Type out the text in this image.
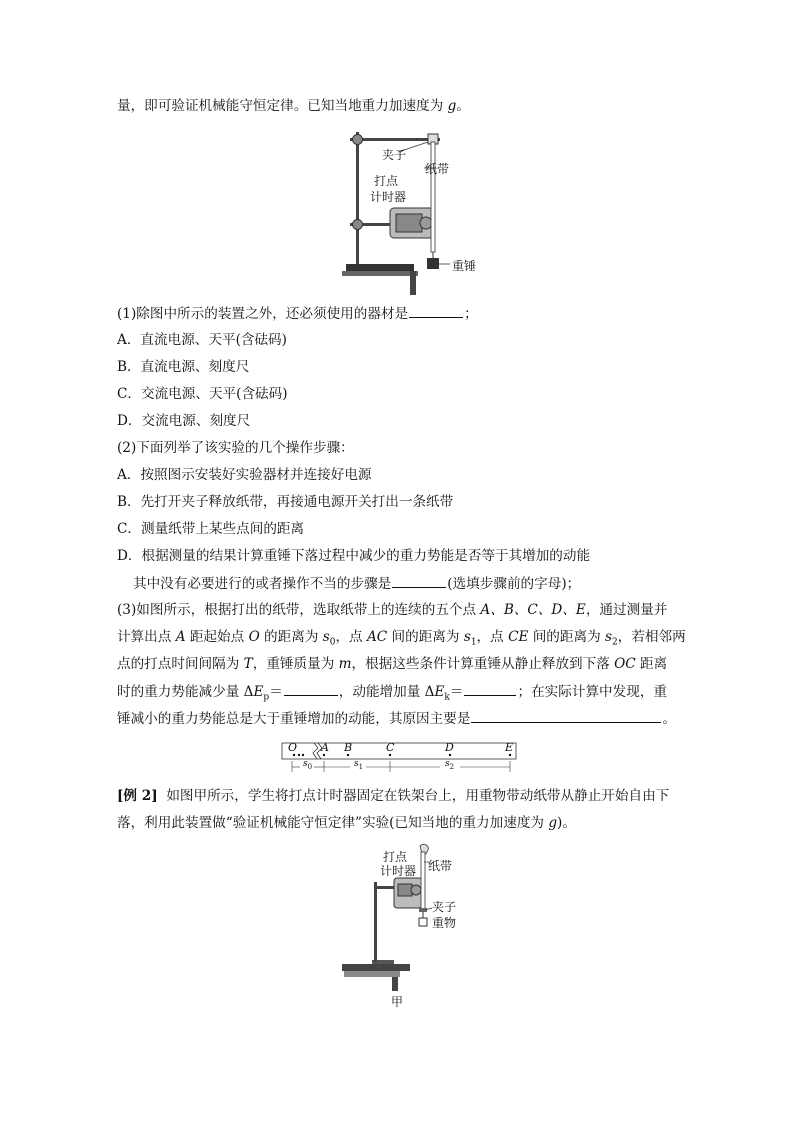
量，即可验证机械能守恒定律。已知当地重力加速度为 g。
夹子
纸带
打点
计时器
重锤
(1)除图中所示的装置之外，还必须使用的器材是	；
A．直流电源、天平(含砝码)
B．直流电源、刻度尺
C．交流电源、天平(含砝码)
D．交流电源、刻度尺
(2)下面列举了该实验的几个操作步骤：
A．按照图示安装好实验器材并连接好电源
B．先打开夹子释放纸带，再接通电源开关打出一条纸带
C．测量纸带上某些点间的距离
D．根据测量的结果计算重锤下落过程中减少的重力势能是否等于其增加的动能
其中没有必要进行的或者操作不当的步骤是	(选填步骤前的字母)；
(3)如图所示，根据打出的纸带，选取纸带上的连续的五个点 A、B、C、D、E，通过测量并
计算出点 A 距起始点 O 的距离为 $s_0$，点 AC 间的距离为 $s_1$，点 CE 间的距离为 $s_2$，若相邻两
点的打点时间间隔为 T，重锤质量为 m，根据这些条件计算重锤从静止释放到下落 OC 距离
时的重力势能减少量 $\Delta E_p=$	，动能增加量 $\Delta E_k=$	；在实际计算中发现，重
锤减小的重力势能总是大于重锤增加的动能，其原因主要是	。
O A B	C	D	E
$s_0$	$s_1$	$s_2$
[例 2] 如图甲所示，学生将打点计时器固定在铁架台上，用重物带动纸带从静止开始自由下
落，利用此装置做“验证机械能守恒定律”实验(已知当地的重力加速度为 g)。
打点
计时器 纸带
夹子
重物
甲
